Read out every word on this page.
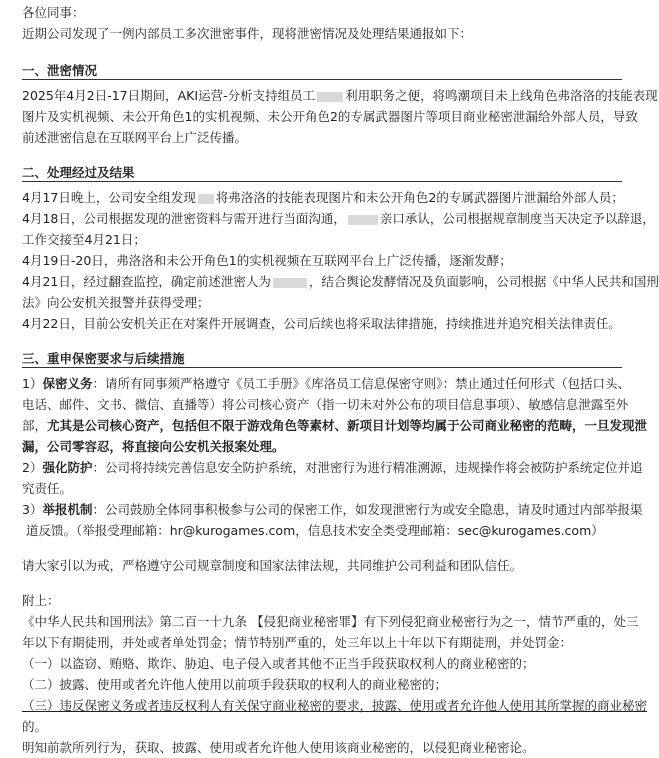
各位同事：
近期公司发现了一例内部员工多次泄密事件，现将泄密情况及处理结果通报如下：
一、泄密情况
2025年4月2日-17日期间，AKI运营-分析支持组员工 利用职务之便，将鸣潮项目未上线角色弗洛洛的技能表现
图片及实机视频、未公开角色1的实机视频、未公开角色2的专属武器图片等项目商业秘密泄漏给外部人员，导致
前述泄密信息在互联网平台上广泛传播。
二、处理经过及结果
4月17日晚上，公司安全组发现 将弗洛洛的技能表现图片和未公开角色2的专属武器图片泄漏给外部人员；
4月18日，公司根据发现的泄密资料与需开进行当面沟通，	亲口承认，公司根据规章制度当天决定予以辞退，
工作交接至4月21日；
4月19日-20日，弗洛洛和未公开角色1的实机视频在互联网平台上广泛传播，逐渐发酵；
4月21日，经过翻查监控，确定前述泄密人为	，结合舆论发酵情况及负面影响，公司根据《中华人民共和国刑
法》向公安机关报警并获得受理；
4月22日，目前公安机关正在对案件开展调查，公司后续也将采取法律措施，持续推进并追究相关法律责任。
三、重申保密要求与后续措施
1）保密义务：请所有同事须严格遵守《员工手册》《库洛员工信息保密守则》：禁止通过任何形式（包括口头、
电话、邮件、文书、微信、直播等）将公司核心资产（指一切未对外公布的项目信息事项）、敏感信息泄露至外
部，尤其是公司核心资产，包括但不限于游戏角色等素材、新项目计划等均属于公司商业秘密的范畴，一旦发现泄
漏，公司零容忍，将直接向公安机关报案处理。
2）强化防护：公司将持续完善信息安全防护系统，对泄密行为进行精准溯源，违规操作将会被防护系统定位并追
究责任。
3）举报机制：公司鼓励全体同事积极参与公司的保密工作，如发现泄密行为或安全隐患，请及时通过内部举报渠
道反馈。（举报受理邮箱：hr@kurogames.com，信息技术安全类受理邮箱：sec@kurogames.com）
请大家引以为戒，严格遵守公司规章制度和国家法律法规，共同维护公司利益和团队信任。
附上：
《中华人民共和国刑法》第二百一十九条 【侵犯商业秘密罪】有下列侵犯商业秘密行为之一，情节严重的，处三
年以下有期徒刑，并处或者单处罚金；情节特别严重的，处三年以上十年以下有期徒刑，并处罚金：
（一）以盗窃、贿赂、欺诈、胁迫、电子侵入或者其他不正当手段获取权利人的商业秘密的；
（二）披露、使用或者允许他人使用以前项手段获取的权利人的商业秘密的；
（三）违反保密义务或者违反权利人有关保守商业秘密的要求，披露、使用或者允许他人使用其所掌握的商业秘密
的。
明知前款所列行为，获取、披露、使用或者允许他人使用该商业秘密的，以侵犯商业秘密论。
